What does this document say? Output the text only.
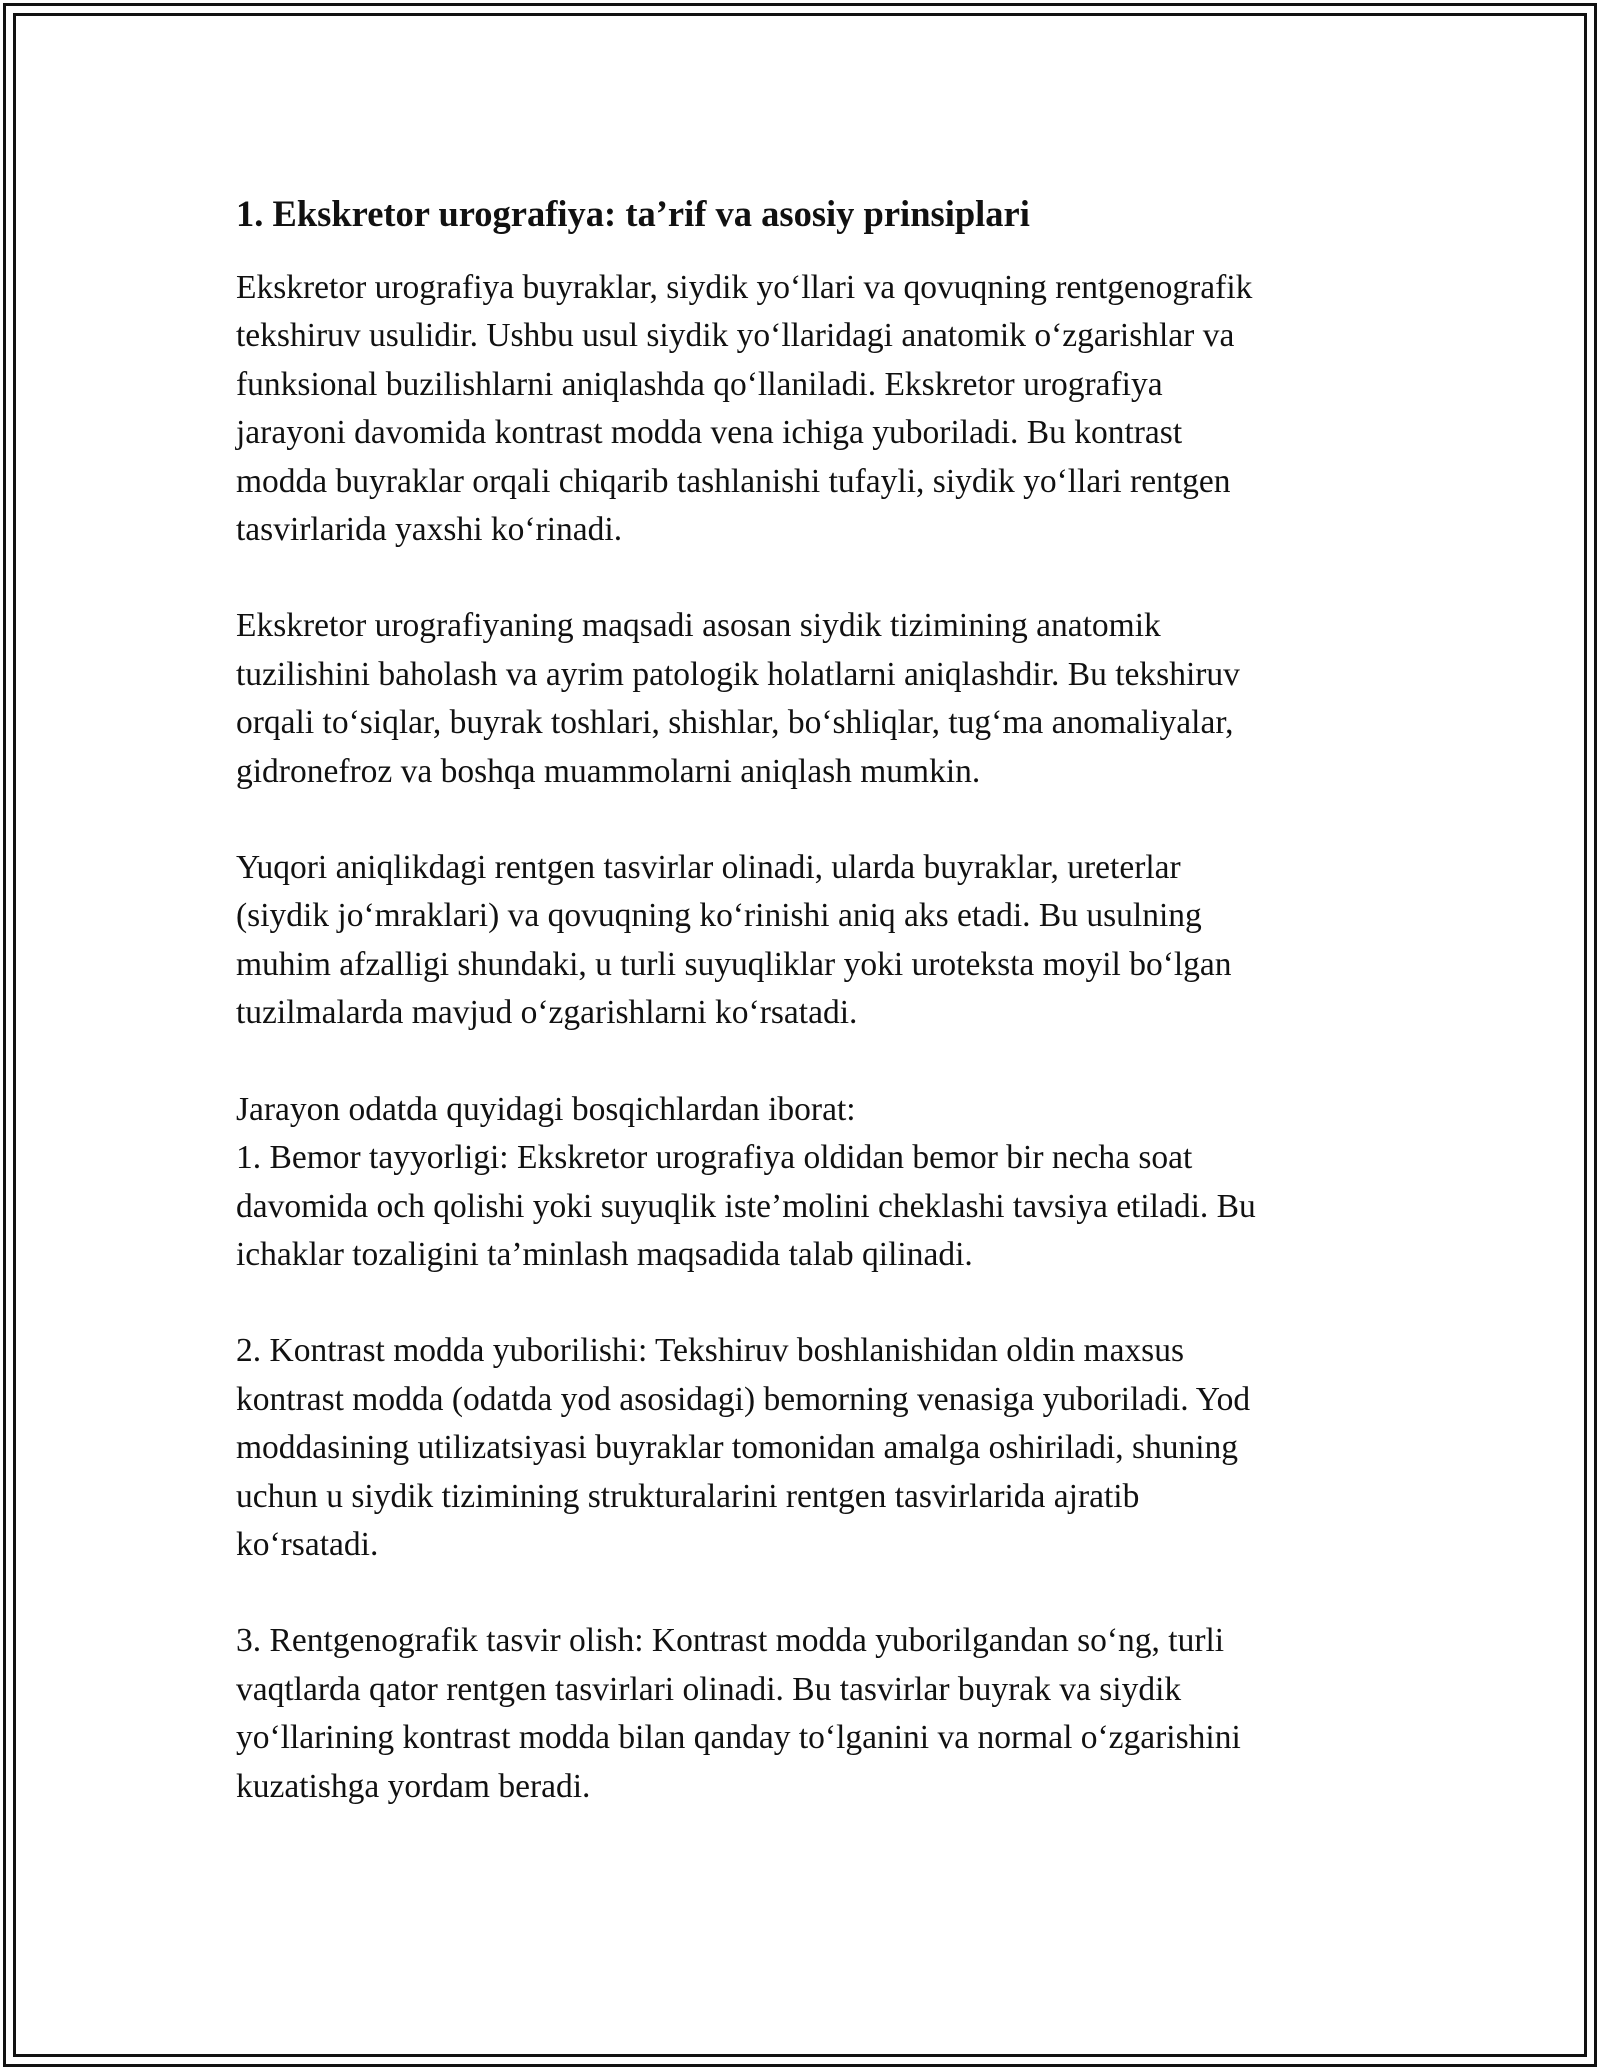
1. Ekskretor urografiya: ta’rif va asosiy prinsiplari

Ekskretor urografiya buyraklar, siydik yo‘llari va qovuqning rentgenografik
tekshiruv usulidir. Ushbu usul siydik yo‘llaridagi anatomik o‘zgarishlar va
funksional buzilishlarni aniqlashda qo‘llaniladi. Ekskretor urografiya
jarayoni davomida kontrast modda vena ichiga yuboriladi. Bu kontrast
modda buyraklar orqali chiqarib tashlanishi tufayli, siydik yo‘llari rentgen
tasvirlarida yaxshi ko‘rinadi.

Ekskretor urografiyaning maqsadi asosan siydik tizimining anatomik
tuzilishini baholash va ayrim patologik holatlarni aniqlashdir. Bu tekshiruv
orqali to‘siqlar, buyrak toshlari, shishlar, bo‘shliqlar, tug‘ma anomaliyalar,
gidronefroz va boshqa muammolarni aniqlash mumkin.

Yuqori aniqlikdagi rentgen tasvirlar olinadi, ularda buyraklar, ureterlar
(siydik jo‘mraklari) va qovuqning ko‘rinishi aniq aks etadi. Bu usulning
muhim afzalligi shundaki, u turli suyuqliklar yoki uroteksta moyil bo‘lgan
tuzilmalarda mavjud o‘zgarishlarni ko‘rsatadi.

Jarayon odatda quyidagi bosqichlardan iborat:
1. Bemor tayyorligi: Ekskretor urografiya oldidan bemor bir necha soat
davomida och qolishi yoki suyuqlik iste’molini cheklashi tavsiya etiladi. Bu
ichaklar tozaligini ta’minlash maqsadida talab qilinadi.

2. Kontrast modda yuborilishi: Tekshiruv boshlanishidan oldin maxsus
kontrast modda (odatda yod asosidagi) bemorning venasiga yuboriladi. Yod
moddasining utilizatsiyasi buyraklar tomonidan amalga oshiriladi, shuning
uchun u siydik tizimining strukturalarini rentgen tasvirlarida ajratib
ko‘rsatadi.

3. Rentgenografik tasvir olish: Kontrast modda yuborilgandan so‘ng, turli
vaqtlarda qator rentgen tasvirlari olinadi. Bu tasvirlar buyrak va siydik
yo‘llarining kontrast modda bilan qanday to‘lganini va normal o‘zgarishini
kuzatishga yordam beradi.
